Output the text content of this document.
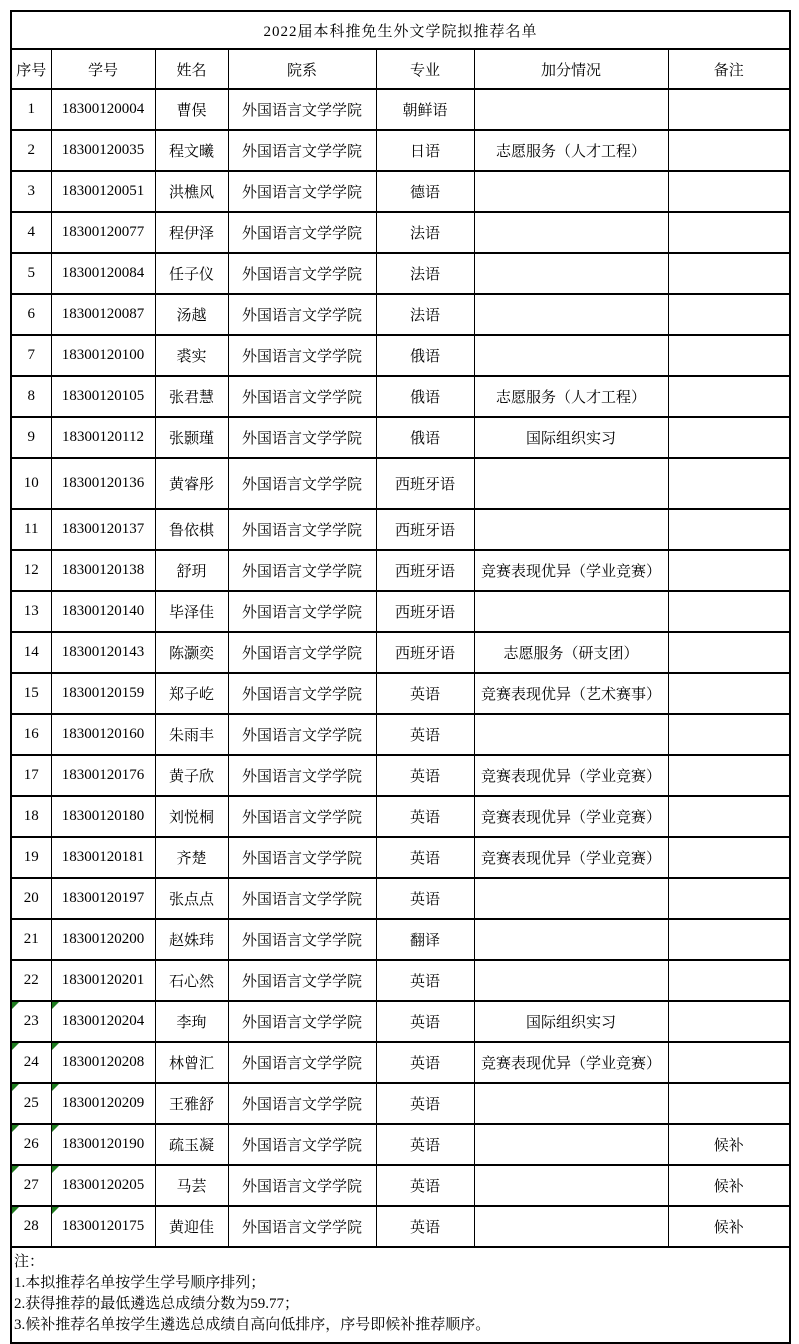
2022届本科推免生外文学院拟推荐名单						
序号	学号	姓名	院系	专业	加分情况	备注
1	18300120004	曹俣	外国语言文学学院	朝鲜语		
2	18300120035	程文曦	外国语言文学学院	日语	志愿服务（人才工程）	
3	18300120051	洪樵风	外国语言文学学院	德语		
4	18300120077	程伊泽	外国语言文学学院	法语		
5	18300120084	任子仪	外国语言文学学院	法语		
6	18300120087	汤越	外国语言文学学院	法语		
7	18300120100	裘实	外国语言文学学院	俄语		
8	18300120105	张君慧	外国语言文学学院	俄语	志愿服务（人才工程）	
9	18300120112	张颢瑾	外国语言文学学院	俄语	国际组织实习	
10	18300120136	黄睿彤	外国语言文学学院	西班牙语		
11	18300120137	鲁依棋	外国语言文学学院	西班牙语		
12	18300120138	舒玥	外国语言文学学院	西班牙语	竞赛表现优异（学业竞赛）	
13	18300120140	毕泽佳	外国语言文学学院	西班牙语		
14	18300120143	陈灏奕	外国语言文学学院	西班牙语	志愿服务（研支团）	
15	18300120159	郑子屹	外国语言文学学院	英语	竞赛表现优异（艺术赛事）	
16	18300120160	朱雨丰	外国语言文学学院	英语		
17	18300120176	黄子欣	外国语言文学学院	英语	竞赛表现优异（学业竞赛）	
18	18300120180	刘悦桐	外国语言文学学院	英语	竞赛表现优异（学业竞赛）	
19	18300120181	齐楚	外国语言文学学院	英语	竞赛表现优异（学业竞赛）	
20	18300120197	张点点	外国语言文学学院	英语		
21	18300120200	赵姝玮	外国语言文学学院	翻译		
22	18300120201	石心然	外国语言文学学院	英语		
23	18300120204	李珣	外国语言文学学院	英语	国际组织实习	
24	18300120208	林曾汇	外国语言文学学院	英语	竞赛表现优异（学业竞赛）	
25	18300120209	王雅舒	外国语言文学学院	英语		
26	18300120190	疏玉凝	外国语言文学学院	英语		候补
27	18300120205	马芸	外国语言文学学院	英语		候补
28	18300120175	黄迎佳	外国语言文学学院	英语		候补

注：
1.本拟推荐名单按学生学号顺序排列；
2.获得推荐的最低遴选总成绩分数为59.77；
3.候补推荐名单按学生遴选总成绩自高向低排序，序号即候补推荐顺序。						
